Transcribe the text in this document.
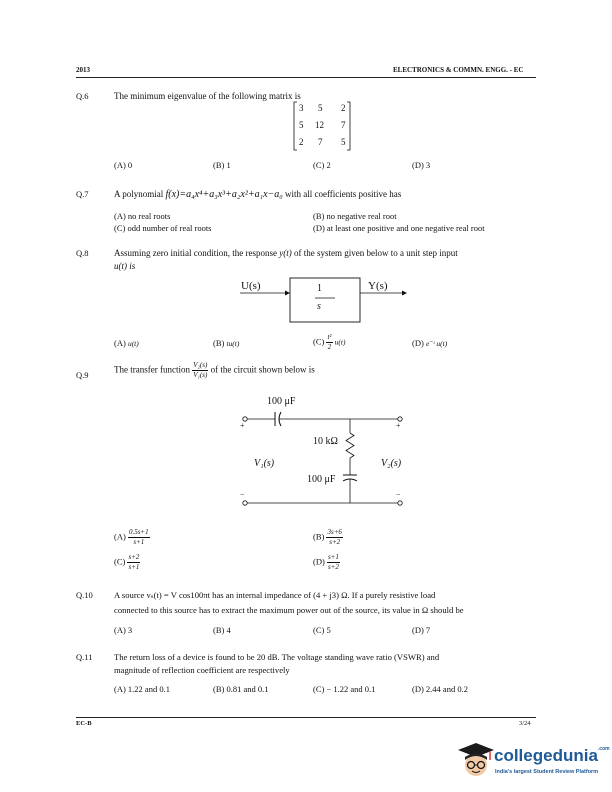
2013	ELECTRONICS & COMMN. ENGG. - EC
Q.6	The minimum eigenvalue of the following matrix is
3 5 2
5 12 7
2 7 5
(A) 0	(B) 1	(C) 2	(D) 3
Q.7	A polynomial f(x)=a₄x⁴+a₃x³+a₂x²+a₁x−a₀ with all coefficients positive has
(A) no real roots	(B) no negative real root
(C) odd number of real roots	(D) at least one positive and one negative real root
Q.8	Assuming zero initial condition, the response y(t) of the system given below to a unit step input
u(t) is
U(s)	Y(s)
1
s
(A) u(t)	(B) tu(t)	$(C) \frac{\text{t²}}{2} u(t)$	(D) e⁻ᵗ u(t)
Q.9
The transfer function $\frac{\text{V₂(s)}}{\text{V₁(s)}}$ of the circuit shown below is
+	+
−	−
100 μF
10 kΩ
100 μF
V₁(s)	V₂(s)
$(A) \frac{0.5s+1}{s+1}$	$(B) \frac{3s+6}{s+2}$
$(C) \frac{s+2}{s+1}$	$(D) \frac{s+1}{s+2}$
Q.10 A source vₛ(t) = V cos100πt has an internal impedance of (4 + j3) Ω. If a purely resistive load
connected to this source has to extract the maximum power out of the source, its value in Ω should be
(A) 3	(B) 4	(C) 5	(D) 7
Q.11	The return loss of a device is found to be 20 dB. The voltage standing wave ratio (VSWR) and
magnitude of reflection coefficient are respectively
(A) 1.22 and 0.1	(B) 0.81 and 0.1	(C) − 1.22 and 0.1	(D) 2.44 and 0.2
EC-B	3/24
collegedunia$^{.com}$
India's largest Student Review Platform
